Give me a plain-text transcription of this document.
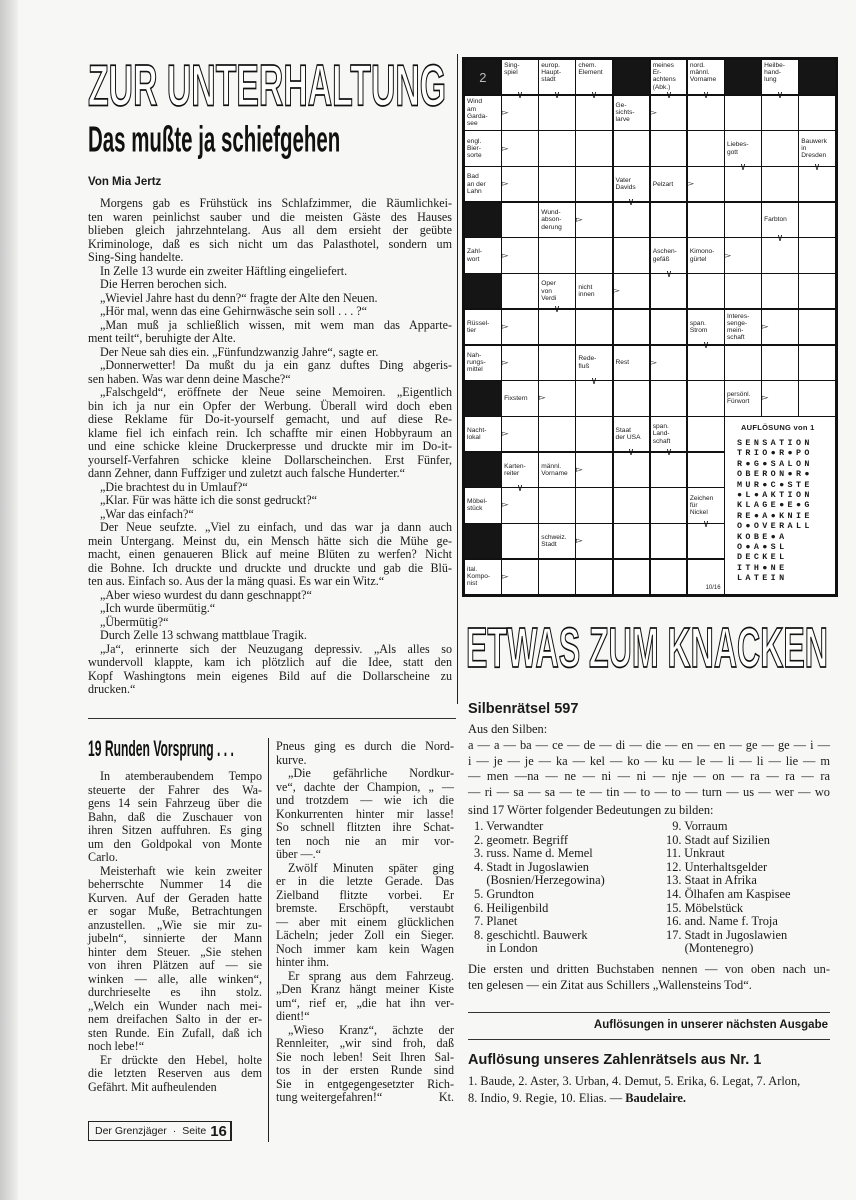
ZUR UNTERHALTUNG
Das mußte ja schiefgehen
Von Mia Jertz
Morgens gab es Frühstück ins Schlafzimmer, die Räumlichkei-
ten waren peinlichst sauber und die meisten Gäste des Hauses
blieben gleich jahrzehntelang. Aus all dem ersieht der geübte
Kriminologe, daß es sich nicht um das Palasthotel, sondern um
Sing-Sing handelte.
In Zelle 13 wurde ein zweiter Häftling eingeliefert.
Die Herren berochen sich.
„Wieviel Jahre hast du denn?“ fragte der Alte den Neuen.
„Hör mal, wenn das eine Gehirnwäsche sein soll . . . ?“
„Man muß ja schließlich wissen, mit wem man das Apparte-
ment teilt“, beruhigte der Alte.
Der Neue sah dies ein. „Fünfundzwanzig Jahre“, sagte er.
„Donnerwetter! Da mußt du ja ein ganz duftes Ding abgeris-
sen haben. Was war denn deine Masche?“
„Falschgeld“, eröffnete der Neue seine Memoiren. „Eigentlich
bin ich ja nur ein Opfer der Werbung. Überall wird doch eben
diese Reklame für Do-it-yourself gemacht, und auf diese Re-
klame fiel ich einfach rein. Ich schaffte mir einen Hobbyraum an
und eine schicke kleine Druckerpresse und druckte mir im Do-it-
yourself-Verfahren schicke kleine Dollarscheinchen. Erst Fünfer,
dann Zehner, dann Fuffziger und zuletzt auch falsche Hunderter.“
„Die brachtest du in Umlauf?“
„Klar. Für was hätte ich die sonst gedruckt?“
„War das einfach?“
Der Neue seufzte. „Viel zu einfach, und das war ja dann auch
mein Untergang. Meinst du, ein Mensch hätte sich die Mühe ge-
macht, einen genaueren Blick auf meine Blüten zu werfen? Nicht
die Bohne. Ich druckte und druckte und druckte und gab die Blü-
ten aus. Einfach so. Aus der la mäng quasi. Es war ein Witz.“
„Aber wieso wurdest du dann geschnappt?“
„Ich wurde übermütig.“
„Übermütig?“
Durch Zelle 13 schwang mattblaue Tragik.
„Ja“, erinnerte sich der Neuzugang depressiv. „Als alles so
wundervoll klappte, kam ich plötzlich auf die Idee, statt den
Kopf Washingtons mein eigenes Bild auf die Dollarscheine zu
drucken.“
19 Runden Vorsprung . . .
In atemberaubendem Tempo
steuerte der Fahrer des Wa-
gens 14 sein Fahrzeug über die
Bahn, daß die Zuschauer von
ihren Sitzen auffuhren. Es ging
um den Goldpokal von Monte
Carlo.
Meisterhaft wie kein zweiter
beherrschte Nummer 14 die
Kurven. Auf der Geraden hatte
er sogar Muße, Betrachtungen
anzustellen. „Wie sie mir zu-
jubeln“, sinnierte der Mann
hinter dem Steuer. „Sie stehen
von ihren Plätzen auf — sie
winken — alle, alle winken“,
durchrieselte es ihn stolz.
„Welch ein Wunder nach mei-
nem dreifachen Salto in der er-
sten Runde. Ein Zufall, daß ich
noch lebe!“
Er drückte den Hebel, holte
die letzten Reserven aus dem
Gefährt. Mit aufheulenden
Pneus ging es durch die Nord-
kurve.
„Die gefährliche Nordkur-
ve“, dachte der Champion, „ —
und trotzdem — wie ich die
Konkurrenten hinter mir lasse!
So schnell flitzten ihre Schat-
ten noch nie an mir vor-
über —.“
Zwölf Minuten später ging
er in die letzte Gerade. Das
Zielband flitzte vorbei. Er
bremste. Erschöpft, verstaubt
— aber mit einem glücklichen
Lächeln; jeder Zoll ein Sieger.
Noch immer kam kein Wagen
hinter ihm.
Er sprang aus dem Fahrzeug.
„Den Kranz hängt meiner Kiste
um“, rief er, „die hat ihn ver-
dient!“
„Wieso Kranz“, ächzte der
Rennleiter, „wir sind froh, daß
Sie noch leben! Seit Ihren Sal-
tos in der ersten Runde sind
Sie in entgegengesetzter Rich-
tung weitergefahren!“	Kt.
Der Grenzjäger · Seite 16
2
Sing-
spiel
V
europ.
Haupt-
stadt
V
chem.
Element
V
meines
Er-
achtens
(Abk.)
V
nord.
männl.
Vorname
V
Heilbe-
hand-
lung
V
Wind
am
Garda-
see
▷
Ge-
sichts-
larve
▷
engl.
Bier-
sorte
▷	Liebes-
gott
V
Bauwerk
in
Dresden
V
Bad
an der
Lahn
▷	Vater
Davids
V
Pelzart ▷
Wund-
abson-
derung
▷	Farbton
V
Zahl-
wort
▷	Aschen-
gefäß
V
Kimono-
gürtel
▷
Oper
von
Verdi
V
nicht
innen
▷
Rüssel-
tier
▷	span.
Strom
V
Interes-
senge-
mein-
schaft
▷
Nah-
rungs-
mittel
▷	Rede-
fluß
V
Rest	▷
Fixstern ▷	persönl.
Fürwort
▷
Nacht-
lokal
▷	Staat
der USA
V
span.
Land-
schaft
V
Karten-
reiter
V
männl.
Vorname
▷
Möbel-
stück
▷
Zeichen
für
Nickel
V
schweiz.
Stadt
▷
ital.
Kompo-
nist
▷
10/16
AUFLÖSUNG von 1
SENSATION
TRIO●R●PO
R●G●SALON
OBERON●R●
MUR●C●STE
●L●AKTION
KLAGE●E●G
RE●A●KNIE
O●OVERALL
KOBE●A
O●A●SL
DECKEL
ITH●NE
LATEIN
ETWAS ZUM KNACKEN
Silbenrätsel 597
Aus den Silben:
a — a — ba — ce — de — di — die — en — en — ge — ge — i —
i — je — je — ka — kel — ko — ku — le — li — li — lie — m
— men —na — ne — ni — ni — nje — on — ra — ra — ra
— ri — sa — sa — te — tin — to — to — turn — us — wer — wo
sind 17 Wörter folgender Bedeutungen zu bilden:
1. Verwandter
2. geometr. Begriff
3. russ. Name d. Memel
4. Stadt in Jugoslawien
(Bosnien/Herzegowina)
5. Grundton
6. Heiligenbild
7. Planet
8. geschichtl. Bauwerk
in London
9. Vorraum
10. Stadt auf Sizilien
11. Unkraut
12. Unterhaltsgelder
13. Staat in Afrika
14. Ölhafen am Kaspisee
15. Möbelstück
16. and. Name f. Troja
17. Stadt in Jugoslawien
(Montenegro)
Die ersten und dritten Buchstaben nennen — von oben nach un-
ten gelesen — ein Zitat aus Schillers „Wallensteins Tod“.
Auflösungen in unserer nächsten Ausgabe
Auflösung unseres Zahlenrätsels aus Nr. 1
1. Baude, 2. Aster, 3. Urban, 4. Demut, 5. Erika, 6. Legat, 7. Arlon,
8. Indio, 9. Regie, 10. Elias. — Baudelaire.
